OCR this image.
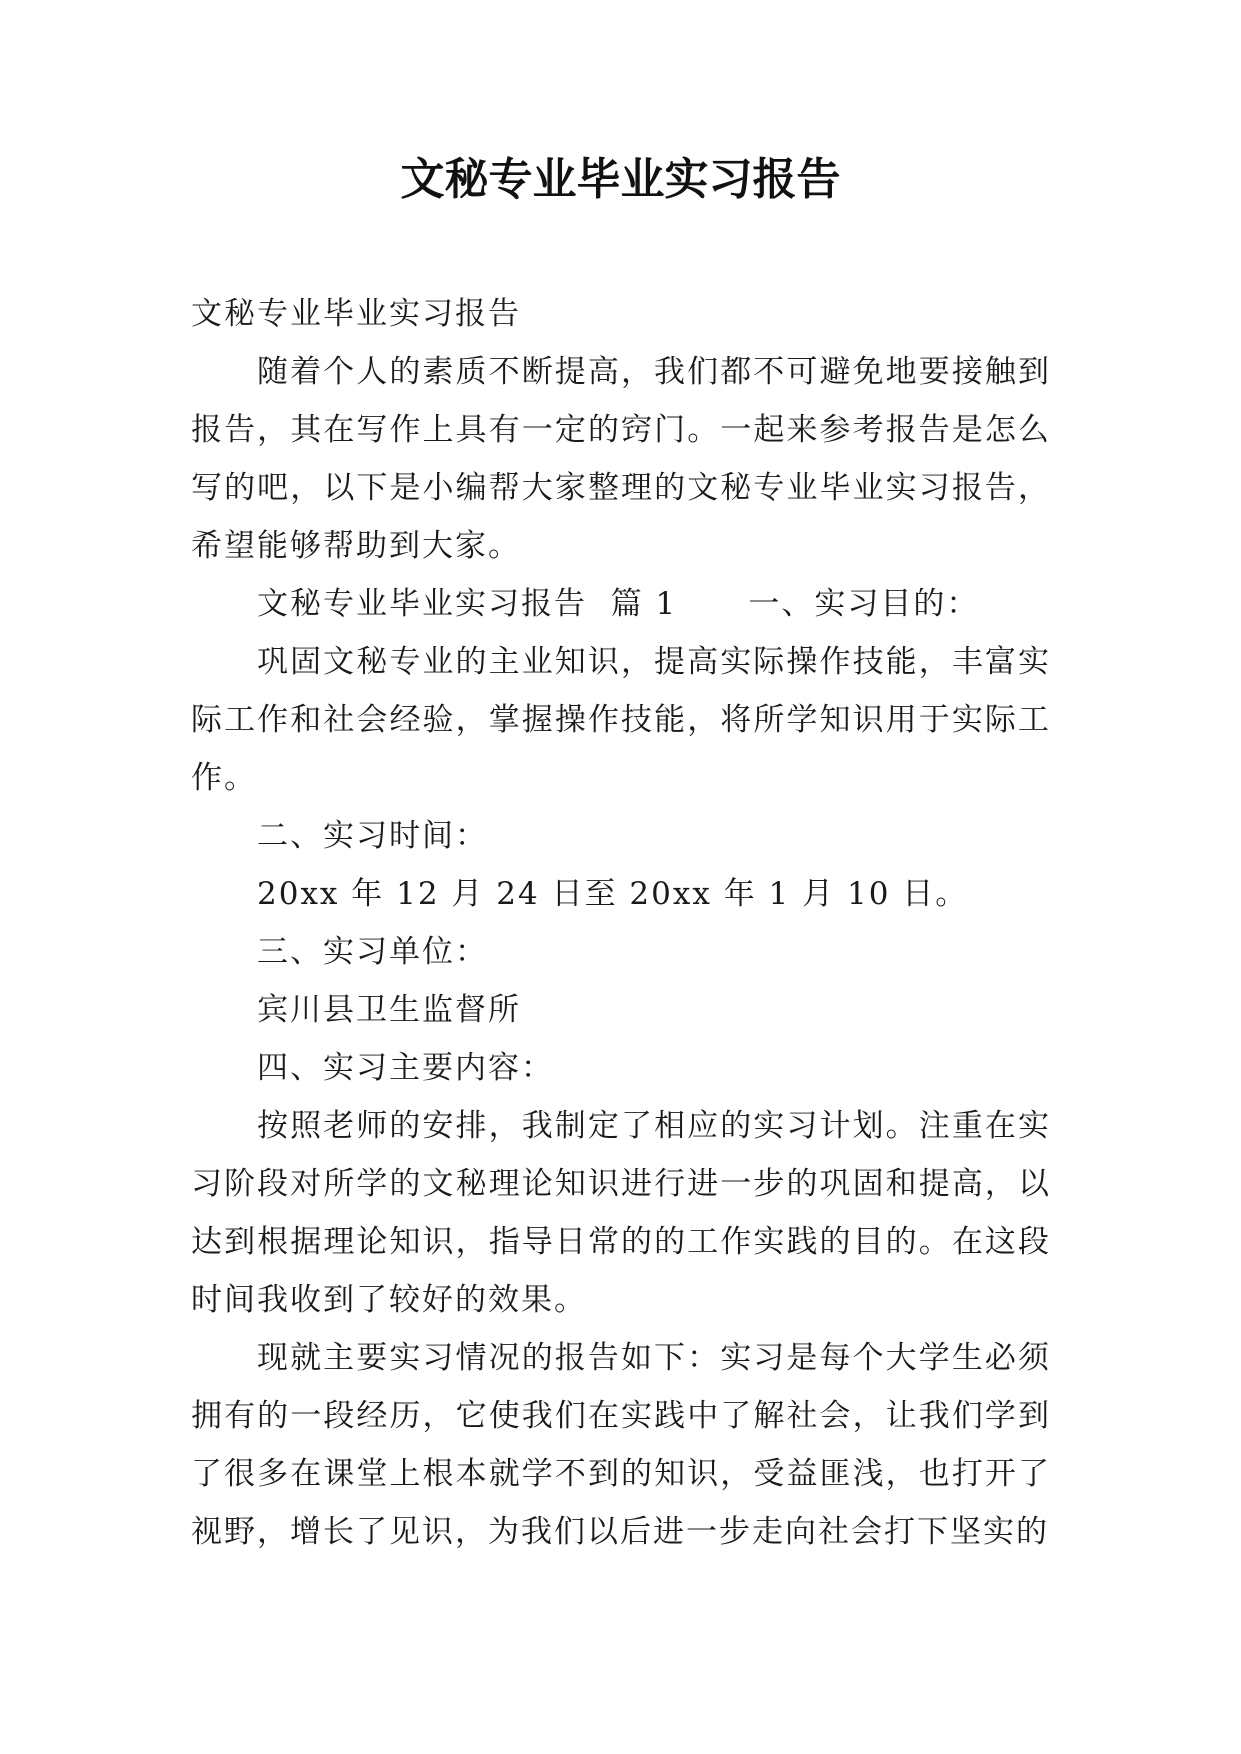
文秘专业毕业实习报告

文秘专业毕业实习报告

随着个人的素质不断提高，我们都不可避免地要接触到报告，其在写作上具有一定的窍门。一起来参考报告是怎么写的吧，以下是小编帮大家整理的文秘专业毕业实习报告，希望能够帮助到大家。

文秘专业毕业实习报告  篇 1      一、实习目的：

巩固文秘专业的主业知识，提高实际操作技能，丰富实际工作和社会经验，掌握操作技能，将所学知识用于实际工作。

二、实习时间：

20xx 年 12 月 24 日至 20xx 年 1 月 10 日。

三、实习单位：

宾川县卫生监督所

四、实习主要内容：

按照老师的安排，我制定了相应的实习计划。注重在实习阶段对所学的文秘理论知识进行进一步的巩固和提高，以达到根据理论知识，指导日常的的工作实践的目的。在这段时间我收到了较好的效果。

现就主要实习情况的报告如下：实习是每个大学生必须拥有的一段经历，它使我们在实践中了解社会，让我们学到了很多在课堂上根本就学不到的知识，受益匪浅，也打开了视野，增长了见识，为我们以后进一步走向社会打下坚实的
